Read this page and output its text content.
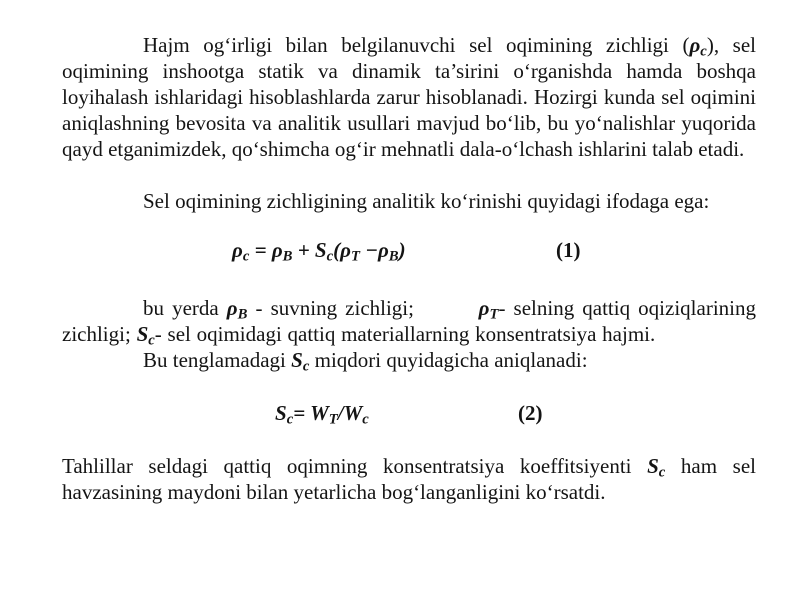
Hajm og‘irligi bilan belgilanuvchi sel oqimining zichligi $(\rho_c)$, sel oqimining inshootga statik va dinamik ta’sirini o‘rganishda hamda boshqa loyihalash ishlaridagi hisoblashlarda zarur hisoblanadi. Hozirgi kunda sel oqimini aniqlashning bevosita va analitik usullari mavjud bo‘lib, bu yo‘nalishlar yuqorida qayd etganimizdek, qo‘shimcha og‘ir mehnatli dala-o‘lchash ishlarini talab etadi.

Sel oqimining zichligining analitik ko‘rinishi quyidagi ifodaga ega:

$\rho_c = \rho_B + S_c(\rho_T -\rho_B)$	(1)

bu yerda $\rho_B$ - suvning zichligi;        $\rho_T-$ selning qattiq oqiziqlarining zichligi; $S_c-$ sel oqimidagi qattiq materiallarning konsentratsiya hajmi.

Bu tenglamadagi $S_c$ miqdori quyidagicha aniqlanadi:

$S_c= W_T/W_c$	(2)

Tahlillar seldagi qattiq oqimning konsentratsiya koeffitsiyenti $S_c$ ham sel havzasining maydoni bilan yetarlicha bog‘langanligini ko‘rsatdi.
